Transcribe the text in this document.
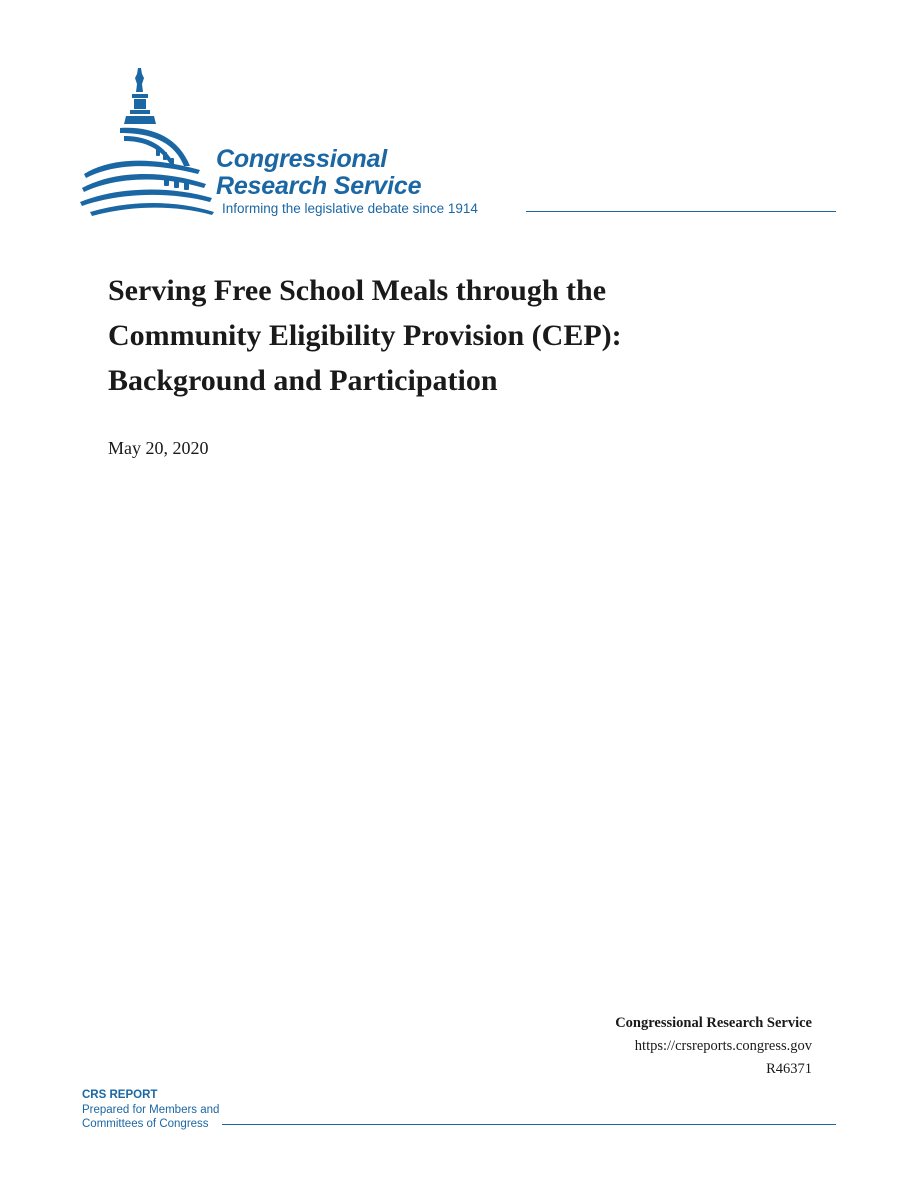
Congressional
Research Service
Informing the legislative debate since 1914
Serving Free School Meals through the
Community Eligibility Provision (CEP):
Background and Participation
May 20, 2020
Congressional Research Service
https://crsreports.congress.gov
R46371
CRS REPORT
Prepared for Members and
Committees of Congress
